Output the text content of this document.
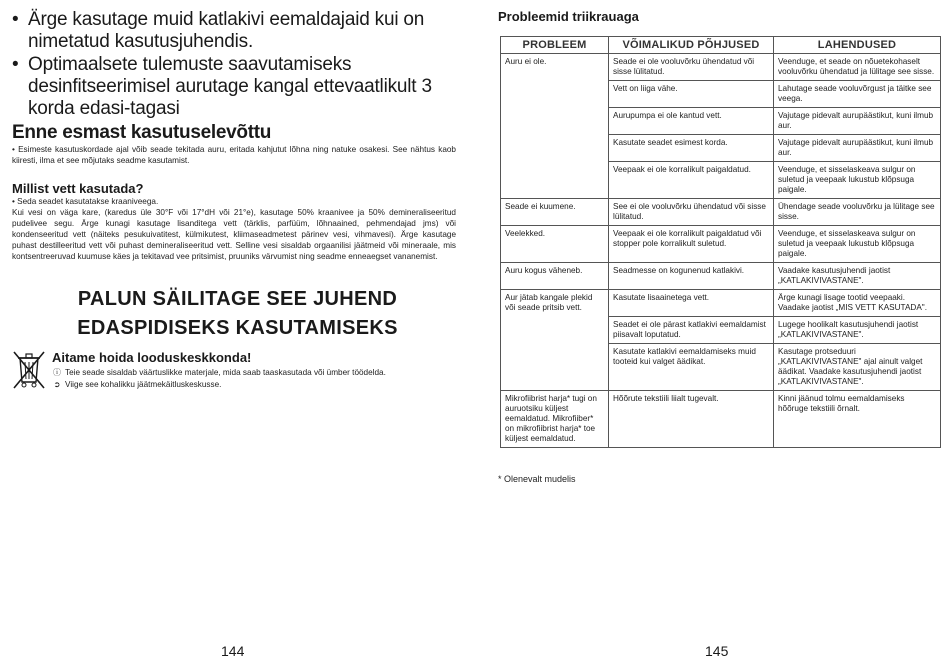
• Ärge kasutage muid katlakivi eemaldajaid kui on nimetatud kasutusjuhendis.
• Optimaalsete tulemuste saavutamiseks desinfitseerimisel aurutage kangal ettevaatlikult 3 korda edasi-tagasi
Enne esmast kasutuselevõttu
• Esimeste kasutuskordade ajal võib seade tekitada auru, eritada kahjutut lõhna ning natuke osakesi. See nähtus kaob kiiresti, ilma et see mõjutaks seadme kasutamist.
Millist vett kasutada?
• Seda seadet kasutatakse kraaniveega.
Kui vesi on väga kare, (karedus üle 30°F või 17°dH või 21°e), kasutage 50% kraanivee ja 50% demineraliseeritud pudelivee segu. Ärge kunagi kasutage lisanditega vett (tärklis, parfüüm, lõhnaained, pehmendajad jms) või kondenseeritud vett (näiteks pesukuivatitest, külmikutest, kliimaseadmetest pärinev vesi, vihmavesi). Ärge kasutage puhast destilleeritud vett või puhast demineraliseeritud vett. Selline vesi sisaldab orgaanilisi jäätmeid või mineraale, mis kontsentreeruvad kuumuse käes ja tekitavad vee pritsimist, pruuniks värvumist ning seadme enneaegset vananemist.
PALUN SÄILITAGE SEE JUHEND
EDASPIDISEKS KASUTAMISEKS
Aitame hoida looduskeskkonda!
ⓘ Teie seade sisaldab väärtuslikke materjale, mida saab taaskasutada või ümber töödelda.
➲ Viige see kohalikku jäätmekäitluskeskusse.
144
Probleemid triikrauaga
PROBLEEM	VÕIMALIKUD PÕHJUSED	LAHENDUSED
Auru ei ole.	Seade ei ole vooluvõrku ühendatud või sisse lülitatud.	Veenduge, et seade on nõuetekohaselt vooluvõrku ühendatud ja lülitage see sisse.
	Vett on liiga vähe.	Lahutage seade vooluvõrgust ja täitke see veega.
	Aurupumpa ei ole kantud vett.	Vajutage pidevalt aurupäästikut, kuni ilmub aur.
	Kasutate seadet esimest korda.	Vajutage pidevalt aurupäästikut, kuni ilmub aur.
	Veepaak ei ole korralikult paigaldatud.	Veenduge, et sisselaskeava sulgur on suletud ja veepaak lukustub klõpsuga paigale.
Seade ei kuumene.	See ei ole vooluvõrku ühendatud või sisse lülitatud.	Ühendage seade vooluvõrku ja lülitage see sisse.
Veelekked.	Veepaak ei ole korralikult paigaldatud või stopper pole korralikult suletud.	Veenduge, et sisselaskeava sulgur on suletud ja veepaak lukustub klõpsuga paigale.
Auru kogus väheneb.	Seadmesse on kogunenud katlakivi.	Vaadake kasutusjuhendi jaotist „KATLAKIVIVASTANE".
Aur jätab kangale plekid või seade pritsib vett.	Kasutate lisaainetega vett.	Ärge kunagi lisage tootid veepaaki. Vaadake jaotist „MIS VETT KASUTADA".
	Seadet ei ole pärast katlakivi eemaldamist piisavalt loputatud.	Lugege hoolikalt kasutusjuhendi jaotist „KATLAKIVIVASTANE".
	Kasutate katlakivi eemaldamiseks muid tooteid kui valget äädikat.	Kasutage protseduuri „KATLAKIVIVASTANE" ajal ainult valget äädikat. Vaadake kasutusjuhendi jaotist „KATLAKIVIVASTANE".
Mikrofiibrist harja* tugi on auruotsiku küljest eemaldatud. Mikrofiiber* on mikrofiibrist harja* toe küljest eemaldatud.	Hõõrute tekstiili liialt tugevalt.	Kinni jäänud tolmu eemaldamiseks hõõruge tekstiili õrnalt.
* Olenevalt mudelis
145
